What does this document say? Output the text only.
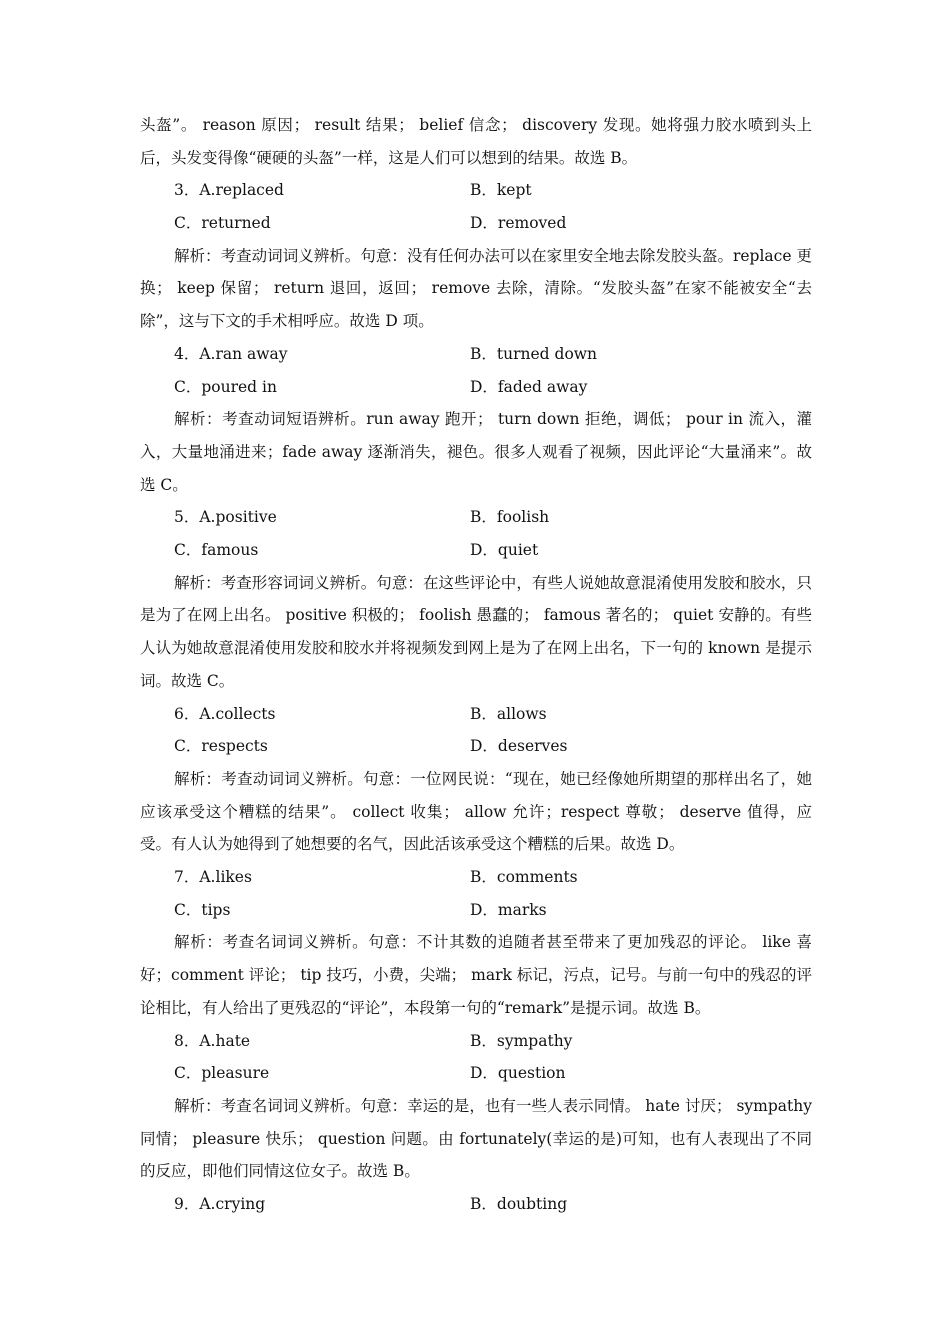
头盔”。 reason 原因； result 结果； belief 信念； discovery 发现。她将强力胶水喷到头上后，头发变得像“硬硬的头盔”一样，这是人们可以想到的结果。故选 B。

3．A.replaced	B．kept
C．returned	D．removed

解析：考查动词词义辨析。句意：没有任何办法可以在家里安全地去除发胶头盔。replace 更换； keep 保留； return 退回，返回； remove 去除，清除。“发胶头盔”在家不能被安全“去除”，这与下文的手术相呼应。故选 D 项。

4．A.ran away	B．turned down
C．poured in	D．faded away

解析：考查动词短语辨析。run away 跑开； turn down 拒绝，调低； pour in 流入，灌入，大量地涌进来；fade away 逐渐消失，褪色。很多人观看了视频，因此评论“大量涌来”。故选 C。

5．A.positive	B．foolish
C．famous	D．quiet

解析：考查形容词词义辨析。句意：在这些评论中，有些人说她故意混淆使用发胶和胶水，只是为了在网上出名。 positive 积极的； foolish 愚蠢的； famous 著名的； quiet 安静的。有些人认为她故意混淆使用发胶和胶水并将视频发到网上是为了在网上出名，下一句的 known 是提示词。故选 C。

6．A.collects	B．allows
C．respects	D．deserves

解析：考查动词词义辨析。句意：一位网民说：“现在，她已经像她所期望的那样出名了，她应该承受这个糟糕的结果”。 collect 收集； allow 允许；respect 尊敬； deserve 值得，应受。有人认为她得到了她想要的名气，因此活该承受这个糟糕的后果。故选 D。

7．A.likes	B．comments
C．tips	D．marks

解析：考查名词词义辨析。句意：不计其数的追随者甚至带来了更加残忍的评论。 like 喜好；comment 评论； tip 技巧，小费，尖端； mark 标记，污点，记号。与前一句中的残忍的评论相比，有人给出了更残忍的“评论”，本段第一句的“remark”是提示词。故选 B。

8．A.hate	B．sympathy
C．pleasure	D．question

解析：考查名词词义辨析。句意：幸运的是，也有一些人表示同情。 hate 讨厌； sympathy 同情； pleasure 快乐； question 问题。由 fortunately(幸运的是)可知，也有人表现出了不同的反应，即他们同情这位女子。故选 B。

9．A.crying	B．doubting
